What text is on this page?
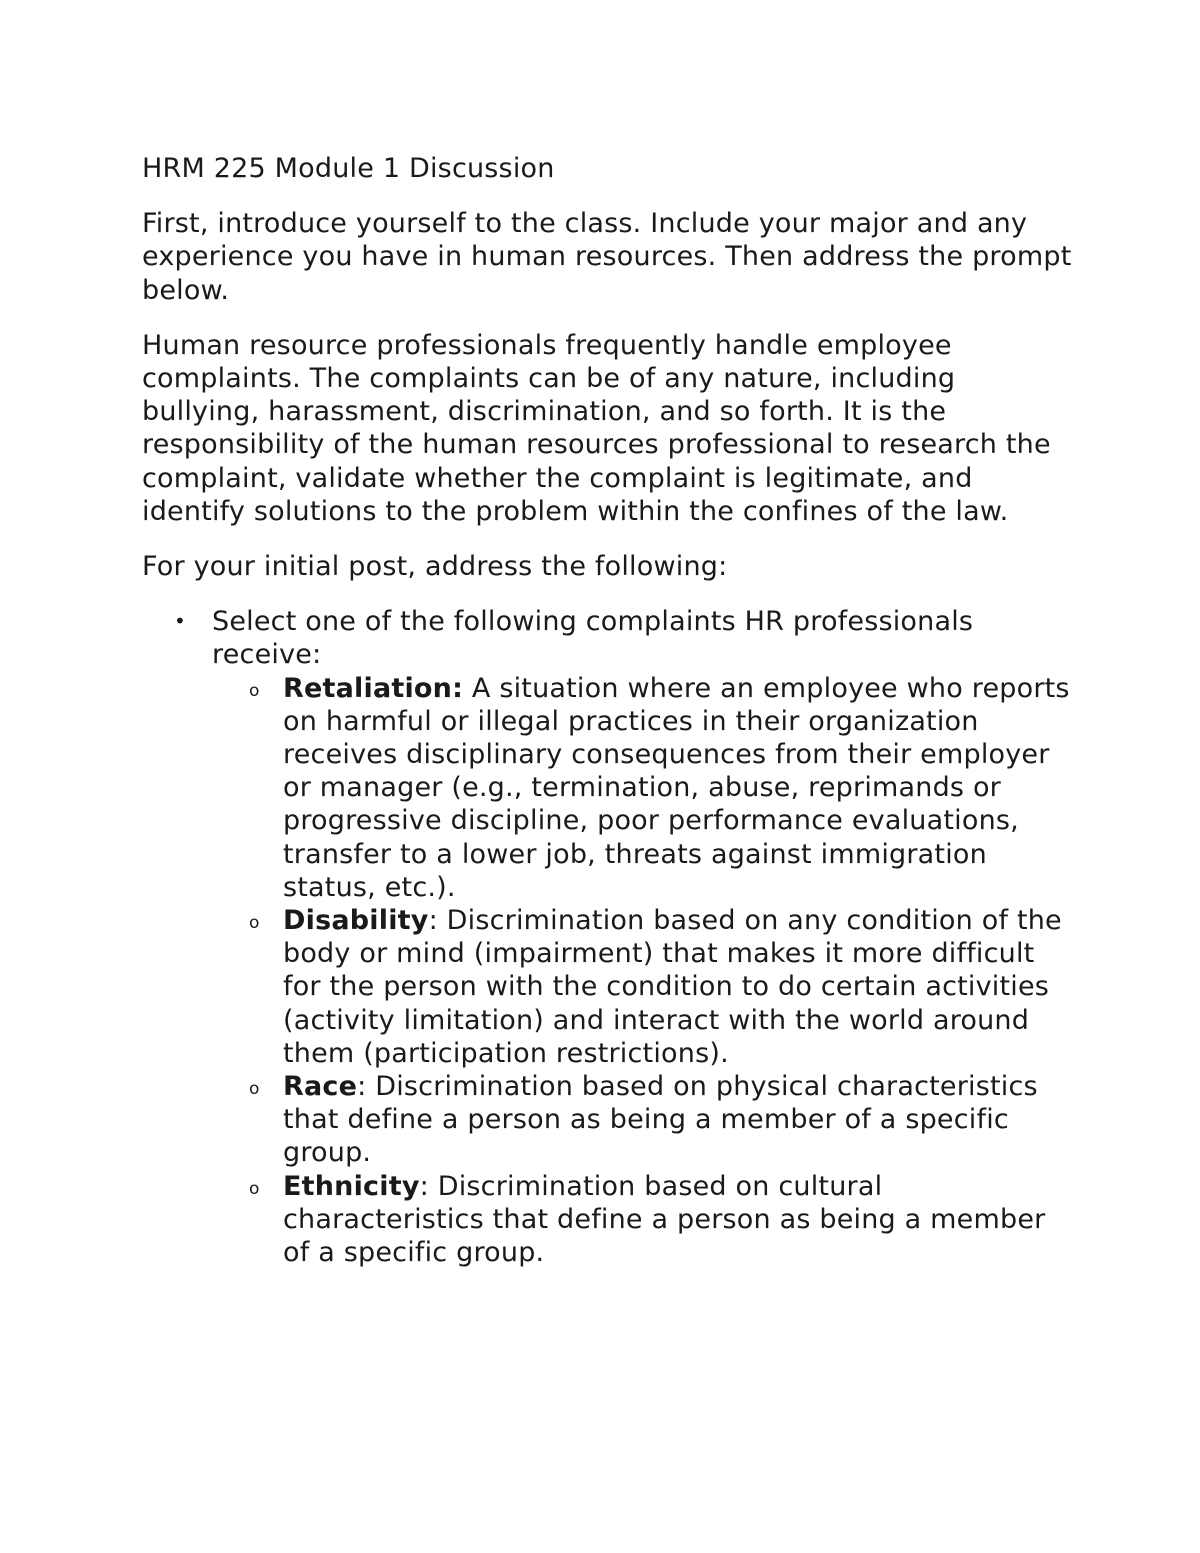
HRM 225 Module 1 Discussion

First, introduce yourself to the class. Include your major and any experience you have in human resources. Then address the prompt below.

Human resource professionals frequently handle employee complaints. The complaints can be of any nature, including bullying, harassment, discrimination, and so forth. It is the responsibility of the human resources professional to research the complaint, validate whether the complaint is legitimate, and identify solutions to the problem within the confines of the law.

For your initial post, address the following:

• Select one of the following complaints HR professionals receive:
o Retaliation: A situation where an employee who reports on harmful or illegal practices in their organization receives disciplinary consequences from their employer or manager (e.g., termination, abuse, reprimands or progressive discipline, poor performance evaluations, transfer to a lower job, threats against immigration status, etc.).
o Disability: Discrimination based on any condition of the body or mind (impairment) that makes it more difficult for the person with the condition to do certain activities (activity limitation) and interact with the world around them (participation restrictions).
o Race: Discrimination based on physical characteristics that define a person as being a member of a specific group.
o Ethnicity: Discrimination based on cultural characteristics that define a person as being a member of a specific group.
